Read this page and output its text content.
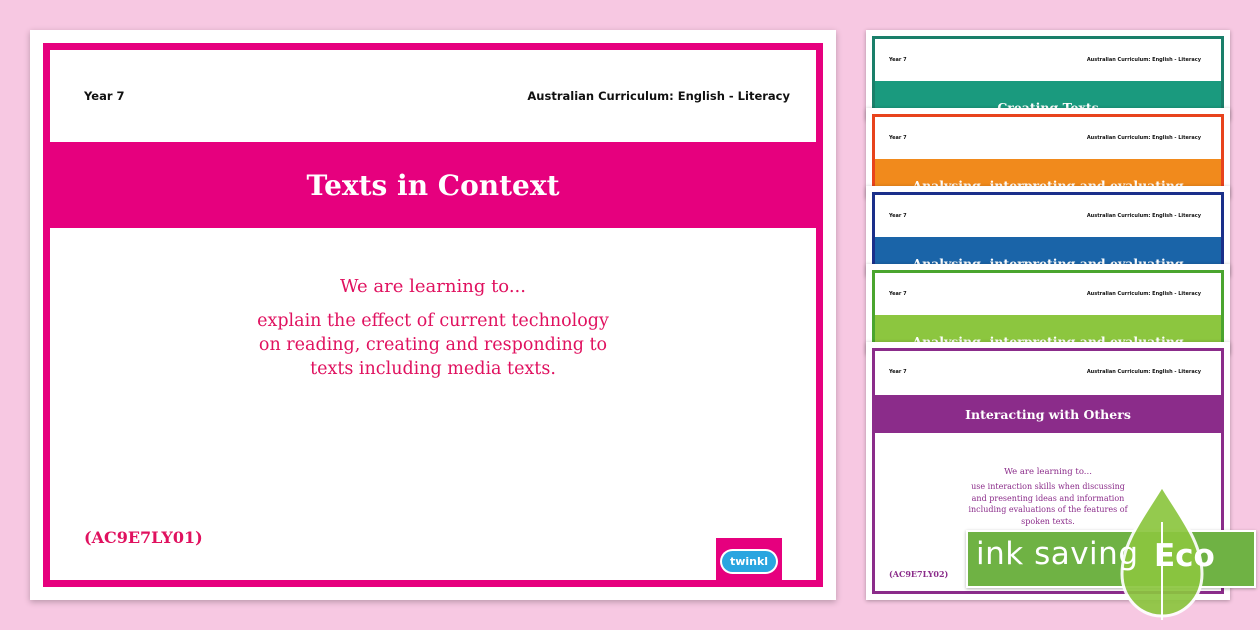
Year 7	Australian Curriculum: English - Literacy
Texts in Context
We are learning to...
explain the effect of current technology
on reading, creating and responding to
texts including media texts.
(AC9E7LY01)
twinkl
Year 7	Australian Curriculum: English - Literacy
Year 7	Australian Curriculum: English - Literacy
Year 7	Australian Curriculum: English - Literacy
Year 7	Australian Curriculum: English - Literacy
Year 7	Australian Curriculum: English - Literacy
Interacting with Others
We are learning to...
use interaction skills when discussing
and presenting ideas and information
including evaluations of the features of
spoken texts.
(AC9E7LY02)
ink saving Eco
